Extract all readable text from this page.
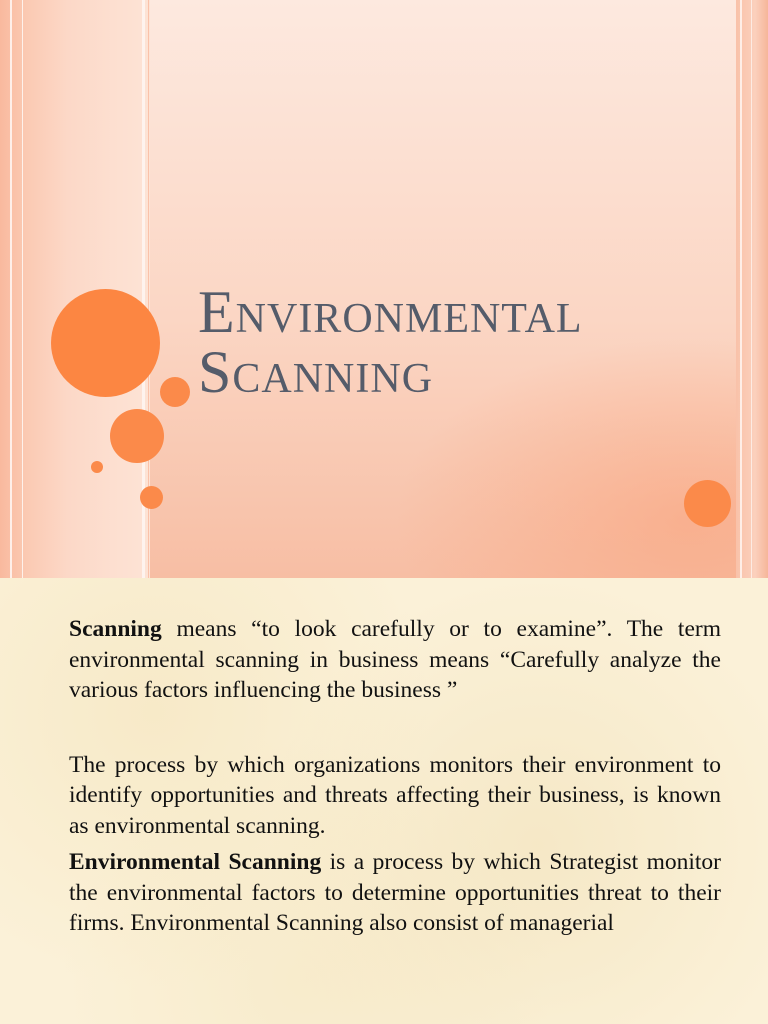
Environmental
Scanning

Scanning means “to look carefully or to examine”. The term environmental scanning in business means “Carefully analyze the various factors influencing the business ”

The process by which organizations monitors their environment to identify opportunities and threats affecting their business, is known as environmental scanning.

Environmental Scanning is a process by which Strategist monitor the environmental factors to determine opportunities threat to their firms. Environmental Scanning also consist of managerial
